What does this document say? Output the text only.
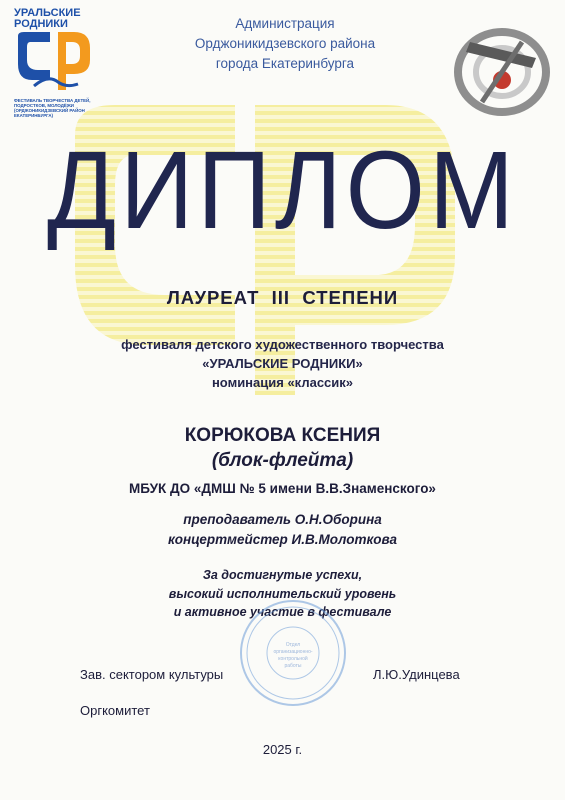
УРАЛЬСКИЕ
РОДНИКИ
ФЕСТИВАЛЬ ТВОРЧЕСТВА ДЕТЕЙ, ПОДРОСТКОВ, МОЛОДЁЖИ (ОРДЖОНИКИДЗЕВСКИЙ РАЙОН ЕКАТЕРИНБУРГА)
Администрация
Орджоникидзевского района
города Екатеринбурга
ДИПЛОМ
ЛАУРЕАТ  III  СТЕПЕНИ
фестиваля детского художественного творчества
«УРАЛЬСКИЕ РОДНИКИ»
номинация «классик»
КОРЮКОВА КСЕНИЯ
(блок-флейта)
МБУК ДО «ДМШ № 5 имени В.В.Знаменского»
преподаватель О.Н.Оборина
концертмейстер И.В.Молоткова
За достигнутые успехи,
высокий исполнительский уровень
и активное участие в фестивале
Отдел
организационно-
контрольной
работы
Зав. сектором культуры	Л.Ю.Удинцева
Оргкомитет
2025 г.
